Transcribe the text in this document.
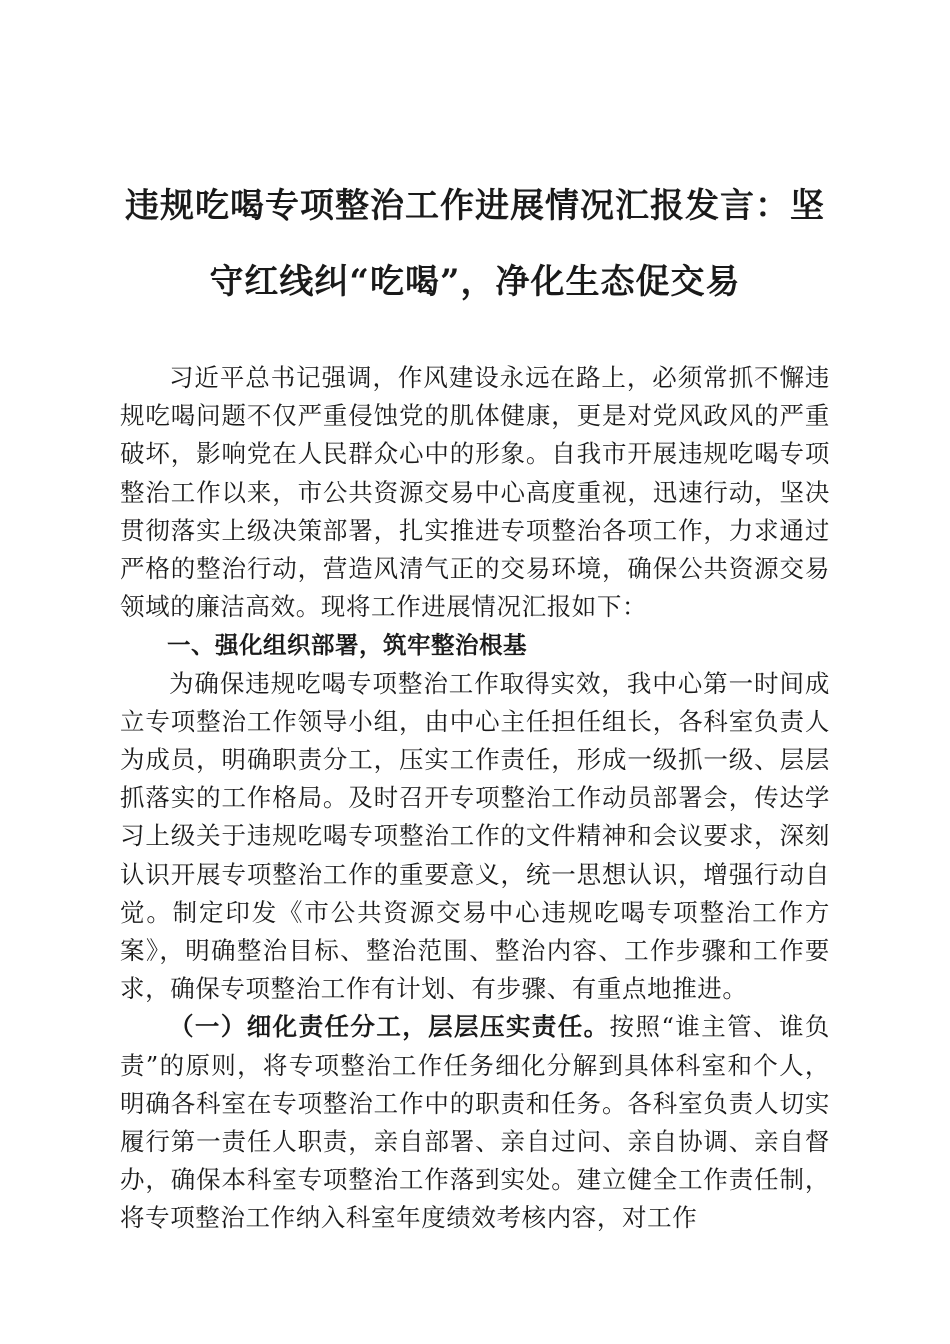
违规吃喝专项整治工作进展情况汇报发言：坚守红线纠“吃喝”，净化生态促交易

习近平总书记强调，作风建设永远在路上，必须常抓不懈违规吃喝问题不仅严重侵蚀党的肌体健康，更是对党风政风的严重破坏，影响党在人民群众心中的形象。自我市开展违规吃喝专项整治工作以来，市公共资源交易中心高度重视，迅速行动，坚决贯彻落实上级决策部署，扎实推进专项整治各项工作，力求通过严格的整治行动，营造风清气正的交易环境，确保公共资源交易领域的廉洁高效。现将工作进展情况汇报如下：

一、强化组织部署，筑牢整治根基

为确保违规吃喝专项整治工作取得实效，我中心第一时间成立专项整治工作领导小组，由中心主任担任组长，各科室负责人为成员，明确职责分工，压实工作责任，形成一级抓一级、层层抓落实的工作格局。及时召开专项整治工作动员部署会，传达学习上级关于违规吃喝专项整治工作的文件精神和会议要求，深刻认识开展专项整治工作的重要意义，统一思想认识，增强行动自觉。制定印发《市公共资源交易中心违规吃喝专项整治工作方案》，明确整治目标、整治范围、整治内容、工作步骤和工作要求，确保专项整治工作有计划、有步骤、有重点地推进。

（一）细化责任分工，层层压实责任。按照“谁主管、谁负责”的原则，将专项整治工作任务细化分解到具体科室和个人，明确各科室在专项整治工作中的职责和任务。各科室负责人切实履行第一责任人职责，亲自部署、亲自过问、亲自协调、亲自督办，确保本科室专项整治工作落到实处。建立健全工作责任制，将专项整治工作纳入科室年度绩效考核内容，对工作
